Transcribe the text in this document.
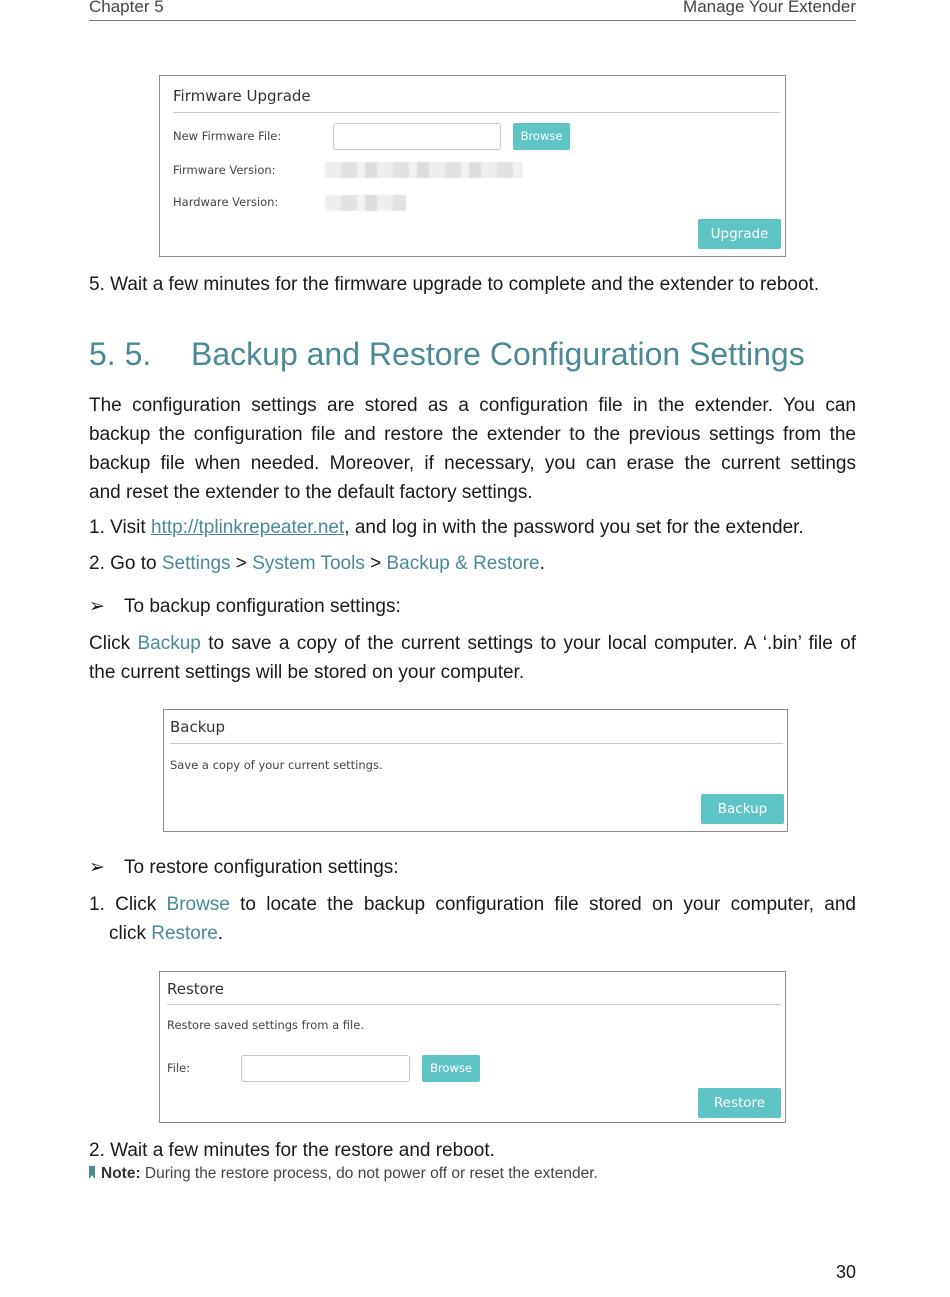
Chapter 5	Manage Your Extender
Firmware Upgrade
New Firmware File:	Browse
Firmware Version:
Hardware Version:
Upgrade
5. Wait a few minutes for the firmware upgrade to complete and the extender to reboot.
5. 5. Backup and Restore Configuration Settings
The configuration settings are stored as a configuration file in the extender. You can
backup the configuration file and restore the extender to the previous settings from the
backup file when needed. Moreover, if necessary, you can erase the current settings
and reset the extender to the default factory settings.
1. Visit http://tplinkrepeater.net, and log in with the password you set for the extender.
2. Go to Settings > System Tools > Backup & Restore.
➢ To backup configuration settings:
Click Backup to save a copy of the current settings to your local computer. A ‘.bin’ file of
the current settings will be stored on your computer.
Backup
Save a copy of your current settings.
Backup
➢ To restore configuration settings:
1. Click Browse to locate the backup configuration file stored on your computer, and
click Restore.
Restore
Restore saved settings from a file.
File:	Browse
Restore
2. Wait a few minutes for the restore and reboot.
Note: During the restore process, do not power off or reset the extender.
30
